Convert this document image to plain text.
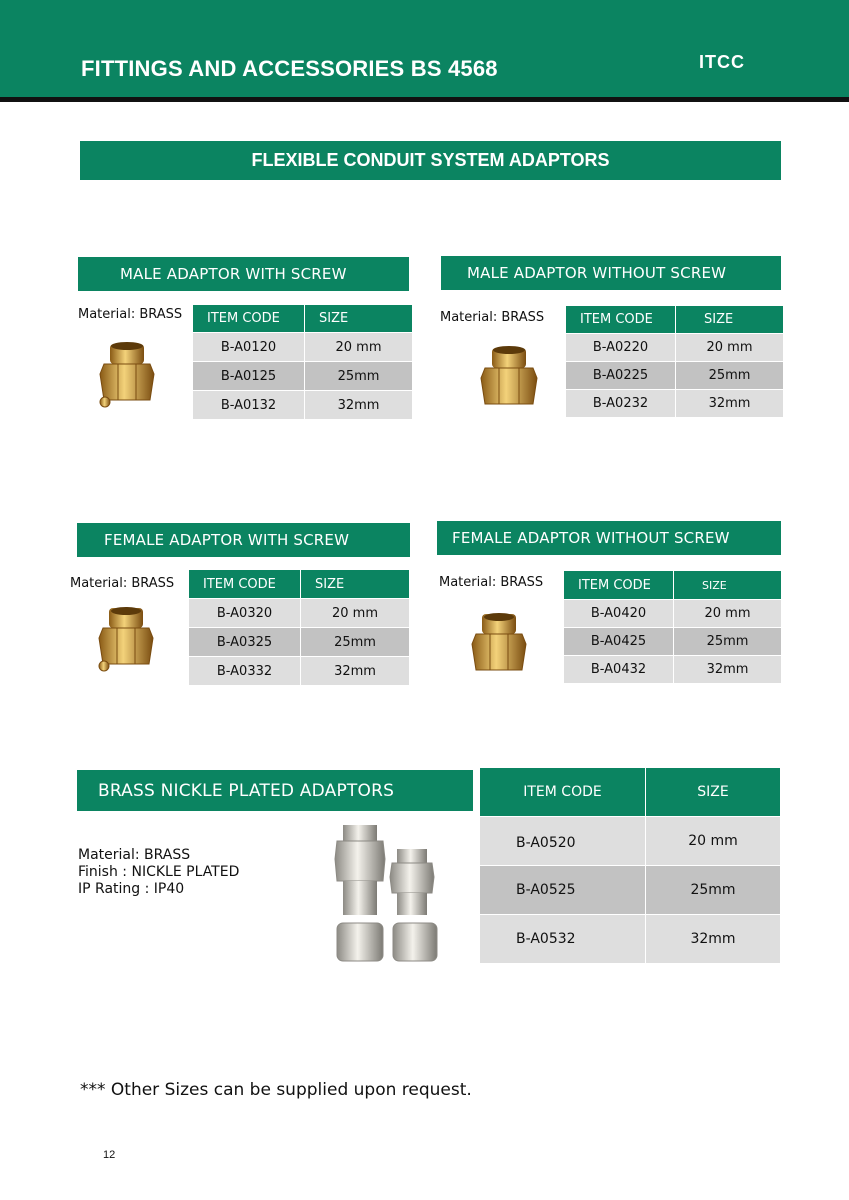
FITTINGS AND ACCESSORIES BS 4568	ITCC
FLEXIBLE CONDUIT SYSTEM ADAPTORS
MALE ADAPTOR WITH SCREW
Material: BRASS ITEM CODE	SIZE
B-A0120	20 mm
B-A0125	25mm
B-A0132	32mm
MALE ADAPTOR WITHOUT SCREW
Material: BRASS	ITEM CODE	SIZE
B-A0220	20 mm
B-A0225	25mm
B-A0232	32mm
FEMALE ADAPTOR WITH SCREW
Material: BRASS ITEM CODE	SIZE
B-A0320	20 mm
B-A0325	25mm
B-A0332	32mm
FEMALE ADAPTOR WITHOUT SCREW
Material: BRASS	ITEM CODE	SIZE
B-A0420	20 mm
B-A0425	25mm
B-A0432	32mm
BRASS NICKLE PLATED ADAPTORS
Material: BRASS
Finish : NICKLE PLATED
IP Rating : IP40
ITEM CODE	SIZE
B-A0520	20 mm
B-A0525	25mm
B-A0532	32mm
*** Other Sizes can be supplied upon request.
12
